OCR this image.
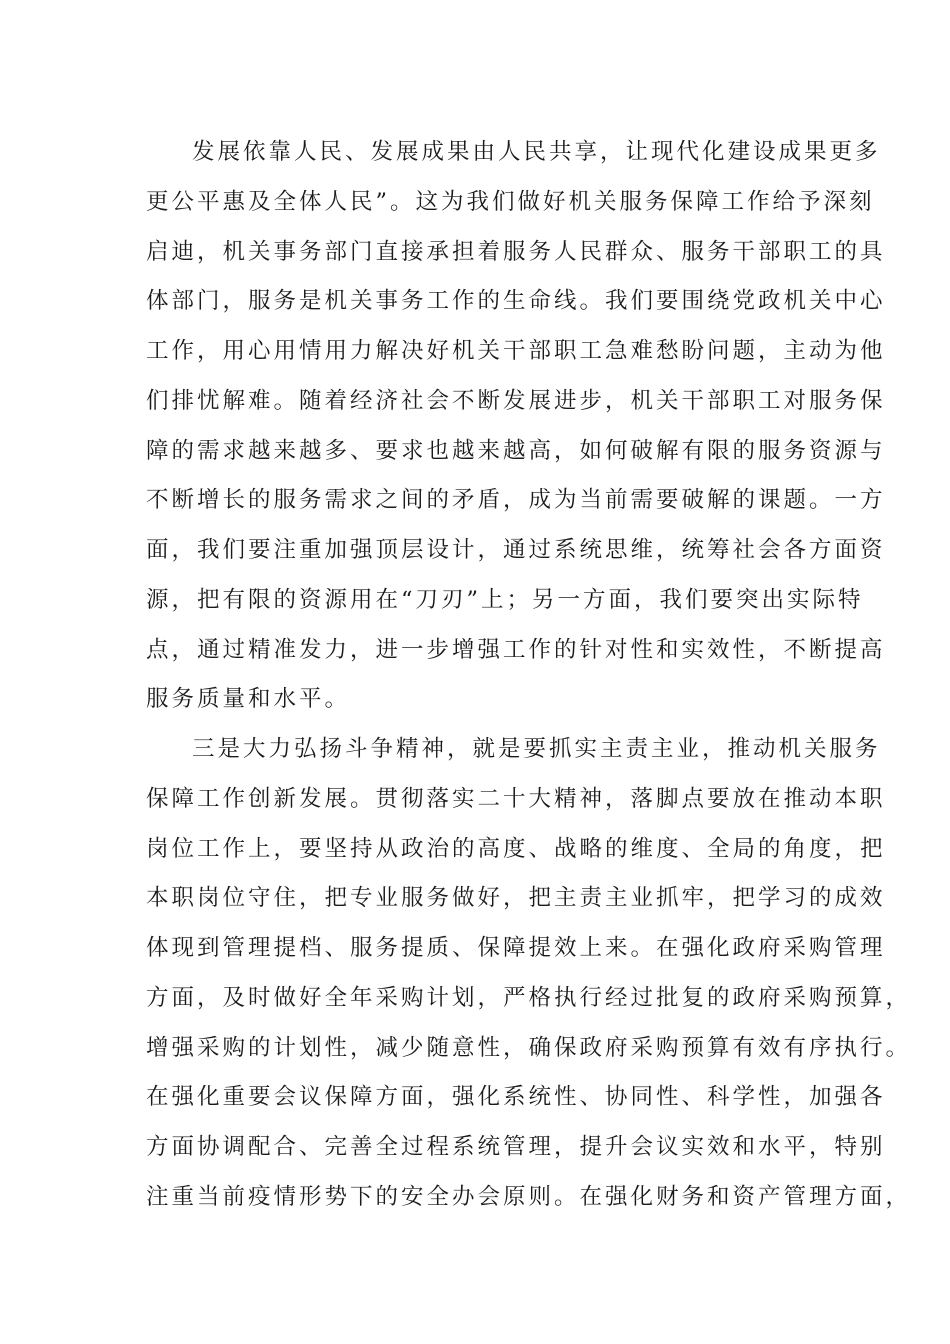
发展依靠人民、发展成果由人民共享，让现代化建设成果更多
更公平惠及全体人民”。这为我们做好机关服务保障工作给予深刻
启迪，机关事务部门直接承担着服务人民群众、服务干部职工的具
体部门，服务是机关事务工作的生命线。我们要围绕党政机关中心
工作，用心用情用力解决好机关干部职工急难愁盼问题，主动为他
们排忧解难。随着经济社会不断发展进步，机关干部职工对服务保
障的需求越来越多、要求也越来越高，如何破解有限的服务资源与
不断增长的服务需求之间的矛盾，成为当前需要破解的课题。一方
面，我们要注重加强顶层设计，通过系统思维，统筹社会各方面资
源，把有限的资源用在“刀刃”上；另一方面，我们要突出实际特
点，通过精准发力，进一步增强工作的针对性和实效性，不断提高
服务质量和水平。
三是大力弘扬斗争精神，就是要抓实主责主业，推动机关服务
保障工作创新发展。贯彻落实二十大精神，落脚点要放在推动本职
岗位工作上，要坚持从政治的高度、战略的维度、全局的角度，把
本职岗位守住，把专业服务做好，把主责主业抓牢，把学习的成效
体现到管理提档、服务提质、保障提效上来。在强化政府采购管理
方面，及时做好全年采购计划，严格执行经过批复的政府采购预算，
增强采购的计划性，减少随意性，确保政府采购预算有效有序执行。
在强化重要会议保障方面，强化系统性、协同性、科学性，加强各
方面协调配合、完善全过程系统管理，提升会议实效和水平，特别
注重当前疫情形势下的安全办会原则。在强化财务和资产管理方面，
